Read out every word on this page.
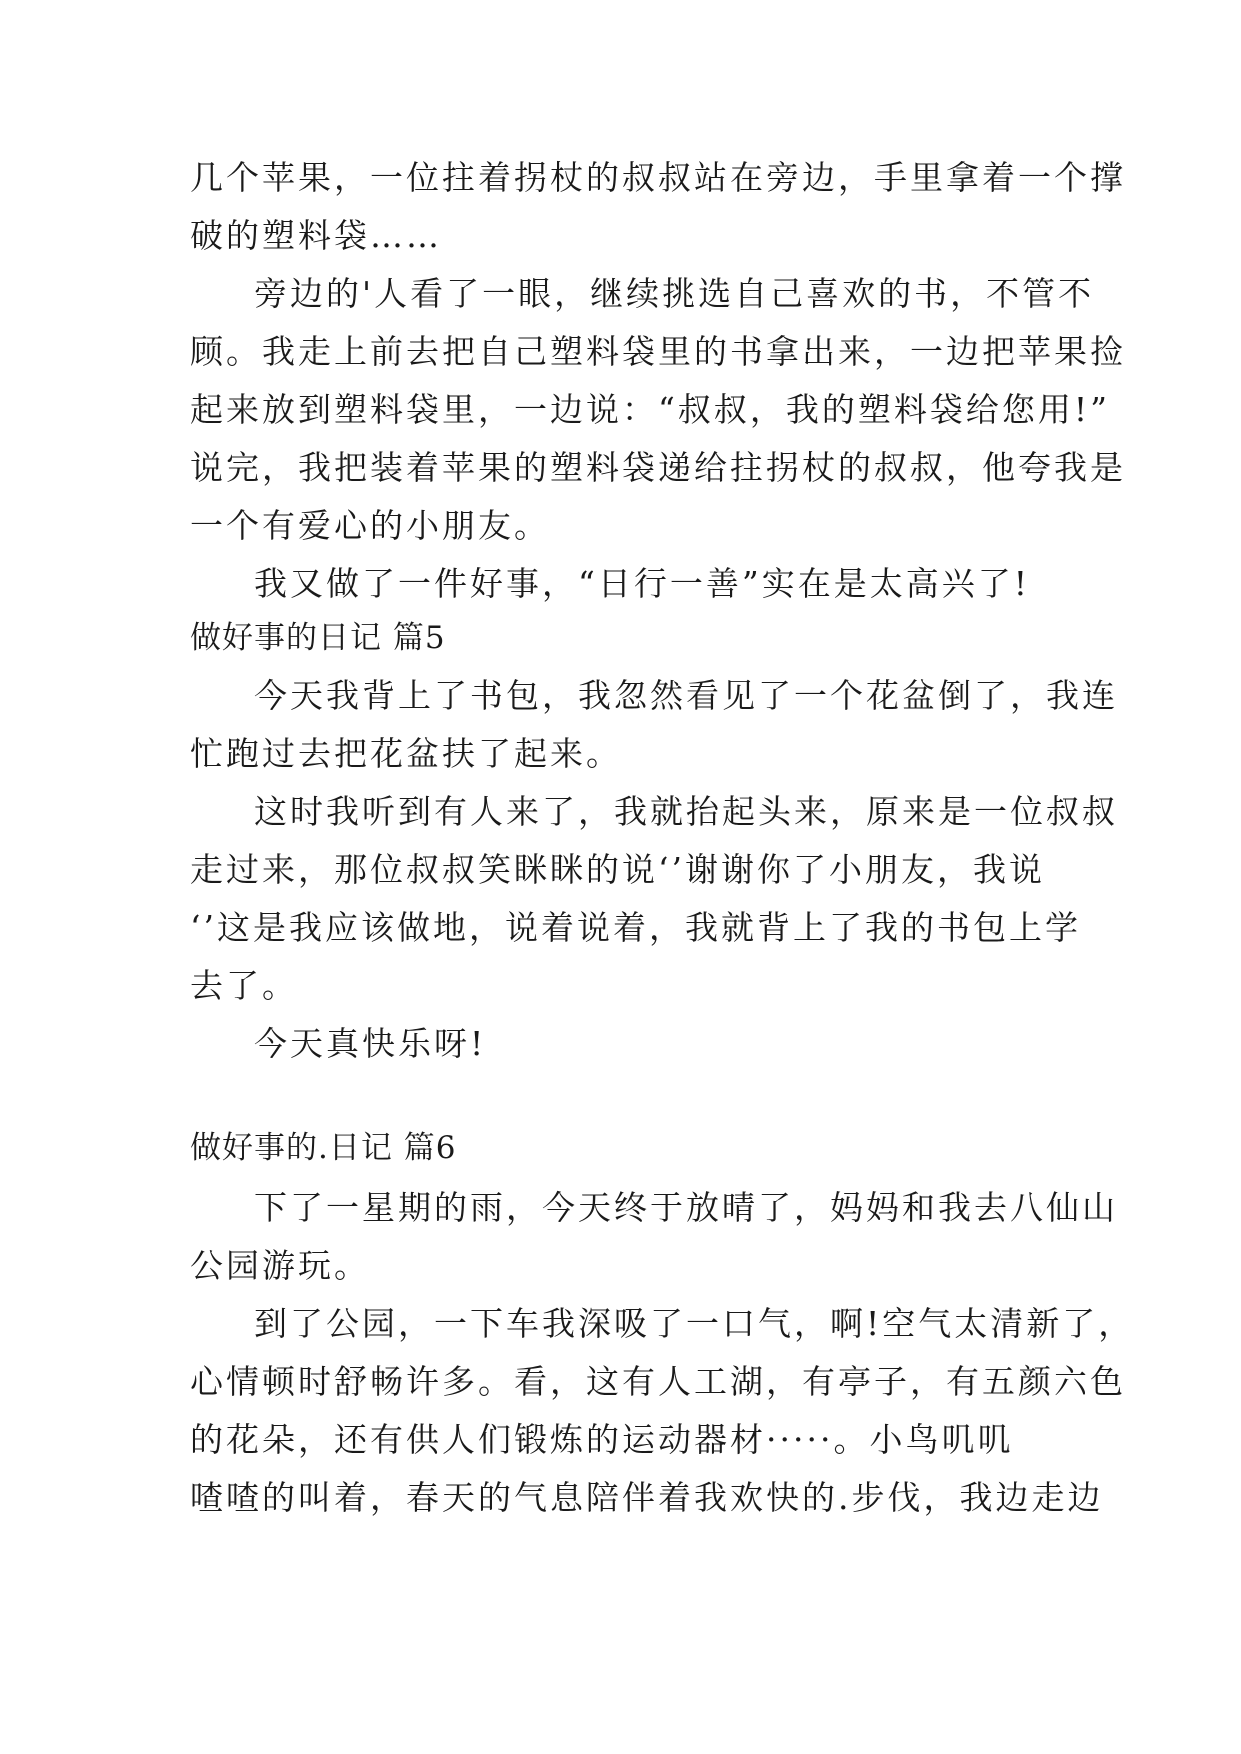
几个苹果，一位拄着拐杖的叔叔站在旁边，手里拿着一个撑
破的塑料袋……
旁边的'人看了一眼，继续挑选自己喜欢的书，不管不
顾。我走上前去把自己塑料袋里的书拿出来，一边把苹果捡
起来放到塑料袋里，一边说：“叔叔，我的塑料袋给您用!”
说完，我把装着苹果的塑料袋递给拄拐杖的叔叔，他夸我是
一个有爱心的小朋友。
我又做了一件好事，“日行一善”实在是太高兴了!
做好事的日记 篇5
今天我背上了书包，我忽然看见了一个花盆倒了，我连
忙跑过去把花盆扶了起来。
这时我听到有人来了，我就抬起头来，原来是一位叔叔
走过来，那位叔叔笑眯眯的说‘’谢谢你了小朋友，我说
‘’这是我应该做地，说着说着，我就背上了我的书包上学
去了。
今天真快乐呀!
做好事的.日记 篇6
下了一星期的雨，今天终于放晴了，妈妈和我去八仙山
公园游玩。
到了公园，一下车我深吸了一口气，啊!空气太清新了，
心情顿时舒畅许多。看，这有人工湖，有亭子，有五颜六色
的花朵，还有供人们锻炼的运动器材·····。小鸟叽叽
喳喳的叫着，春天的气息陪伴着我欢快的.步伐，我边走边
